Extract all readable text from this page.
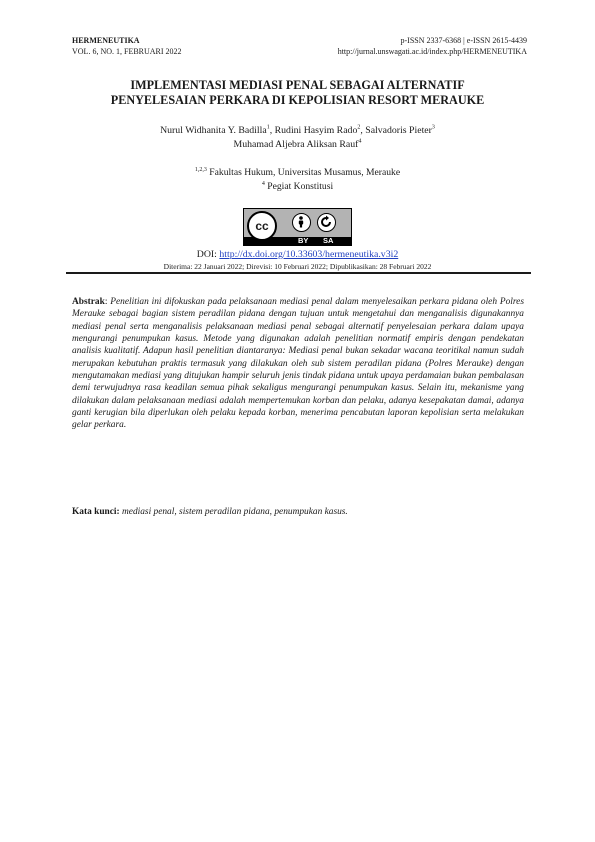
HERMENEUTIKA
VOL. 6, NO. 1, FEBRUARI 2022
p-ISSN 2337-6368 | e-ISSN 2615-4439
http://jurnal.unswagati.ac.id/index.php/HERMENEUTIKA
IMPLEMENTASI MEDIASI PENAL SEBAGAI ALTERNATIF
PENYELESAIAN PERKARA DI KEPOLISIAN RESORT MERAUKE
Nurul Widhanita Y. Badilla$^1$, Rudini Hasyim Rado$^2$, Salvadoris Pieter$^3$
Muhamad Aljebra Aliksan Rauf$^4$
$^{1,2,3}$ Fakultas Hukum, Universitas Musamus, Merauke
$^4$ Pegiat Konstitusi
cc
BY SA
DOI: http://dx.doi.org/10.33603/hermeneutika.v3i2
Diterima: 22 Januari 2022; Direvisi: 10 Februari 2022; Dipublikasikan: 28 Februari 2022
Abstrak: Penelitian ini difokuskan pada pelaksanaan mediasi penal dalam menyelesaikan perkara pidana oleh Polres Merauke sebagai bagian sistem peradilan pidana dengan tujuan untuk mengetahui dan menganalisis digunakannya mediasi penal serta menganalisis pelaksanaan mediasi penal sebagai alternatif penyelesaian perkara dalam upaya mengurangi penumpukan kasus. Metode yang digunakan adalah penelitian normatif empiris dengan pendekatan analisis kualitatif. Adapun hasil penelitian diantaranya: Mediasi penal bukan sekadar wacana teoritikal namun sudah merupakan kebutuhan praktis termasuk yang dilakukan oleh sub sistem peradilan pidana (Polres Merauke) dengan mengutamakan mediasi yang ditujukan hampir seluruh jenis tindak pidana untuk upaya perdamaian bukan pembalasan demi terwujudnya rasa keadilan semua pihak sekaligus mengurangi penumpukan kasus. Selain itu, mekanisme yang dilakukan dalam pelaksanaan mediasi adalah mempertemukan korban dan pelaku, adanya kesepakatan damai, adanya ganti kerugian bila diperlukan oleh pelaku kepada korban, menerima pencabutan laporan kepolisian serta melakukan gelar perkara.
Kata kunci: mediasi penal, sistem peradilan pidana, penumpukan kasus.
